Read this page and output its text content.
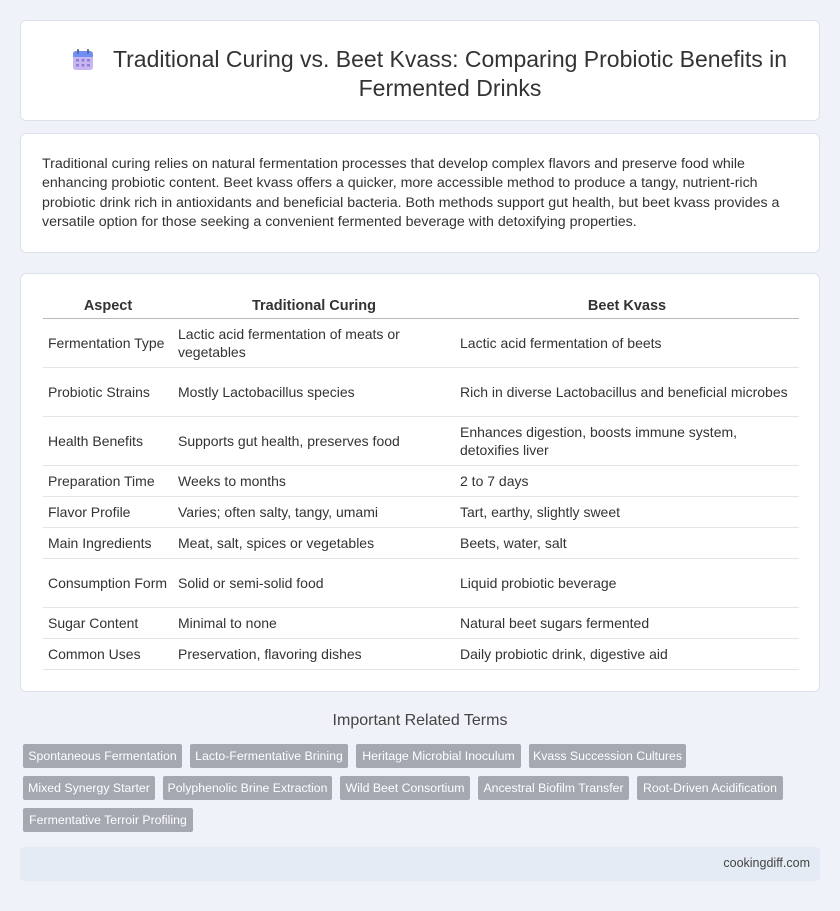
Traditional Curing vs. Beet Kvass: Comparing Probiotic Benefits in Fermented Drinks

Traditional curing relies on natural fermentation processes that develop complex flavors and preserve food while enhancing probiotic content. Beet kvass offers a quicker, more accessible method to produce a tangy, nutrient-rich probiotic drink rich in antioxidants and beneficial bacteria. Both methods support gut health, but beet kvass provides a versatile option for those seeking a convenient fermented beverage with detoxifying properties.

Aspect	Traditional Curing	Beet Kvass
Fermentation Type	Lactic acid fermentation of meats or vegetables	Lactic acid fermentation of beets
Probiotic Strains	Mostly Lactobacillus species	Rich in diverse Lactobacillus and beneficial microbes
Health Benefits	Supports gut health, preserves food	Enhances digestion, boosts immune system, detoxifies liver
Preparation Time	Weeks to months	2 to 7 days
Flavor Profile	Varies; often salty, tangy, umami	Tart, earthy, slightly sweet
Main Ingredients	Meat, salt, spices or vegetables	Beets, water, salt
Consumption Form	Solid or semi-solid food	Liquid probiotic beverage
Sugar Content	Minimal to none	Natural beet sugars fermented
Common Uses	Preservation, flavoring dishes	Daily probiotic drink, digestive aid
Important Related Terms
Spontaneous Fermentation	Lacto-Fermentative Brining	Heritage Microbial Inoculum	Kvass Succession Cultures
Mixed Synergy Starter	Polyphenolic Brine Extraction	Wild Beet Consortium	Ancestral Biofilm Transfer	Root-Driven Acidification
Fermentative Terroir Profiling
cookingdiff.com
